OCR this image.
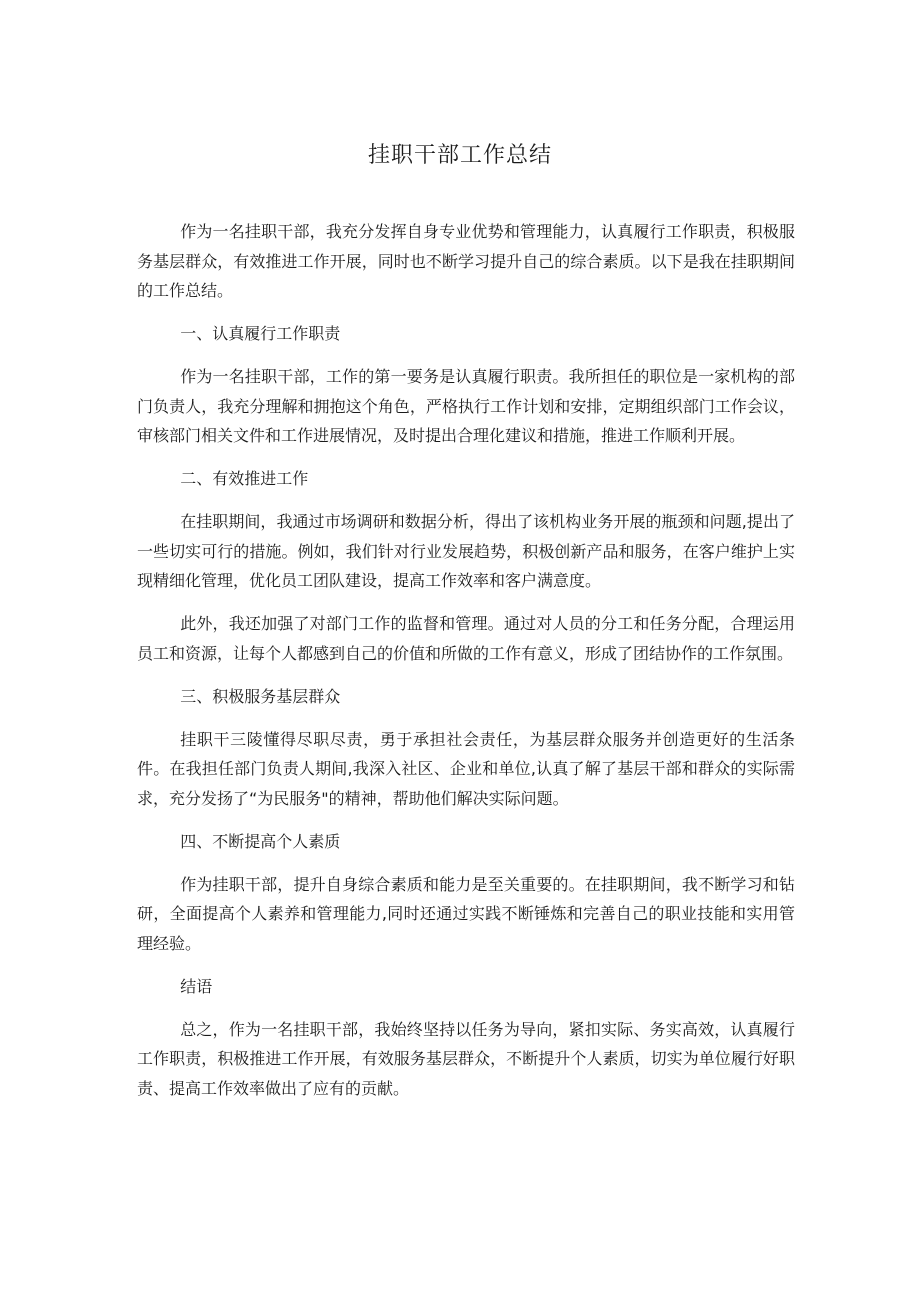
挂职干部工作总结

作为一名挂职干部，我充分发挥自身专业优势和管理能力，认真履行工作职责，积极服务基层群众，有效推进工作开展，同时也不断学习提升自己的综合素质。以下是我在挂职期间的工作总结。

一、认真履行工作职责

作为一名挂职干部，工作的第一要务是认真履行职责。我所担任的职位是一家机构的部门负责人，我充分理解和拥抱这个角色，严格执行工作计划和安排，定期组织部门工作会议，审核部门相关文件和工作进展情况，及时提出合理化建议和措施，推进工作顺利开展。

二、有效推进工作

在挂职期间，我通过市场调研和数据分析，得出了该机构业务开展的瓶颈和问题,提出了一些切实可行的措施。例如，我们针对行业发展趋势，积极创新产品和服务，在客户维护上实现精细化管理，优化员工团队建设，提高工作效率和客户满意度。

此外，我还加强了对部门工作的监督和管理。通过对人员的分工和任务分配，合理运用员工和资源，让每个人都感到自己的价值和所做的工作有意义，形成了团结协作的工作氛围。

三、积极服务基层群众

挂职干三陵懂得尽职尽责，勇于承担社会责任，为基层群众服务并创造更好的生活条件。在我担任部门负责人期间,我深入社区、企业和单位,认真了解了基层干部和群众的实际需求，充分发扬了“为民服务"的精神，帮助他们解决实际问题。

四、不断提高个人素质

作为挂职干部，提升自身综合素质和能力是至关重要的。在挂职期间，我不断学习和钻研，全面提高个人素养和管理能力,同时还通过实践不断锤炼和完善自己的职业技能和实用管理经验。

结语

总之，作为一名挂职干部，我始终坚持以任务为导向，紧扣实际、务实高效，认真履行工作职责，积极推进工作开展，有效服务基层群众，不断提升个人素质，切实为单位履行好职责、提高工作效率做出了应有的贡献。
